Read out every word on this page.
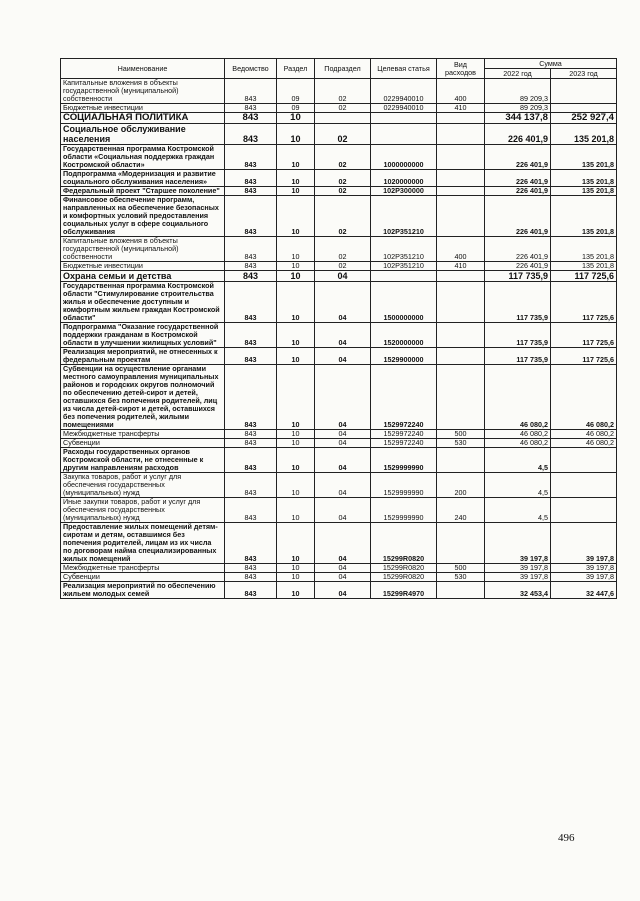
Наименование	Ведомство	Раздел	Подраздел	Целевая статья	Вид расходов	Сумма	
						2022 год	2023 год
Капитальные вложения в объекты государственной (муниципальной) собственности	843	09	02	0229940010	400	89 209,3	
Бюджетные инвестиции	843	09	02	0229940010	410	89 209,3	
СОЦИАЛЬНАЯ ПОЛИТИКА	843	10				344 137,8	252 927,4
Социальное обслуживание населения	843	10	02			226 401,9	135 201,8
Государственная программа Костромской области «Социальная поддержка граждан Костромской области»	843	10	02	1000000000		226 401,9	135 201,8
Подпрограмма «Модернизация и развитие социального обслуживания населения»	843	10	02	1020000000		226 401,9	135 201,8
Федеральный проект "Старшее поколение"	843	10	02	102P300000		226 401,9	135 201,8
Финансовое обеспечение программ, направленных на обеспечение безопасных и комфортных условий предоставления социальных услуг в сфере социального обслуживания	843	10	02	102P351210		226 401,9	135 201,8
Капитальные вложения в объекты государственной (муниципальной) собственности	843	10	02	102P351210	400	226 401,9	135 201,8
Бюджетные инвестиции	843	10	02	102P351210	410	226 401,9	135 201,8
Охрана семьи и детства	843	10	04			117 735,9	117 725,6
Государственная программа Костромской области "Стимулирование строительства жилья и обеспечение доступным и комфортным жильем граждан Костромской области"	843	10	04	1500000000		117 735,9	117 725,6
Подпрограмма "Оказание государственной поддержки гражданам в Костромской области в улучшении жилищных условий"	843	10	04	1520000000		117 735,9	117 725,6
Реализация мероприятий, не отнесенных к федеральным проектам	843	10	04	1529900000		117 735,9	117 725,6
Субвенции на осуществление органами местного самоуправления муниципальных районов и городских округов полномочий по обеспечению детей-сирот и детей, оставшихся без попечения родителей, лиц из числа детей-сирот и детей, оставшихся без попечения родителей, жилыми помещениями	843	10	04	1529972240		46 080,2	46 080,2
Межбюджетные трансферты	843	10	04	1529972240	500	46 080,2	46 080,2
Субвенции	843	10	04	1529972240	530	46 080,2	46 080,2
Расходы государственных органов Костромской области, не отнесенные к другим направлениям расходов	843	10	04	1529999990		4,5	
Закупка товаров, работ и услуг для обеспечения государственных (муниципальных) нужд	843	10	04	1529999990	200	4,5	
Иные закупки товаров, работ и услуг для обеспечения государственных (муниципальных) нужд	843	10	04	1529999990	240	4,5	
Предоставление жилых помещений детям-сиротам и детям, оставшимся без попечения родителей, лицам из их числа по договорам найма специализированных жилых помещений	843	10	04	15299R0820		39 197,8	39 197,8
Межбюджетные трансферты	843	10	04	15299R0820	500	39 197,8	39 197,8
Субвенции	843	10	04	15299R0820	530	39 197,8	39 197,8
Реализация мероприятий по обеспечению жильем молодых семей	843	10	04	15299R4970		32 453,4	32 447,6
496
